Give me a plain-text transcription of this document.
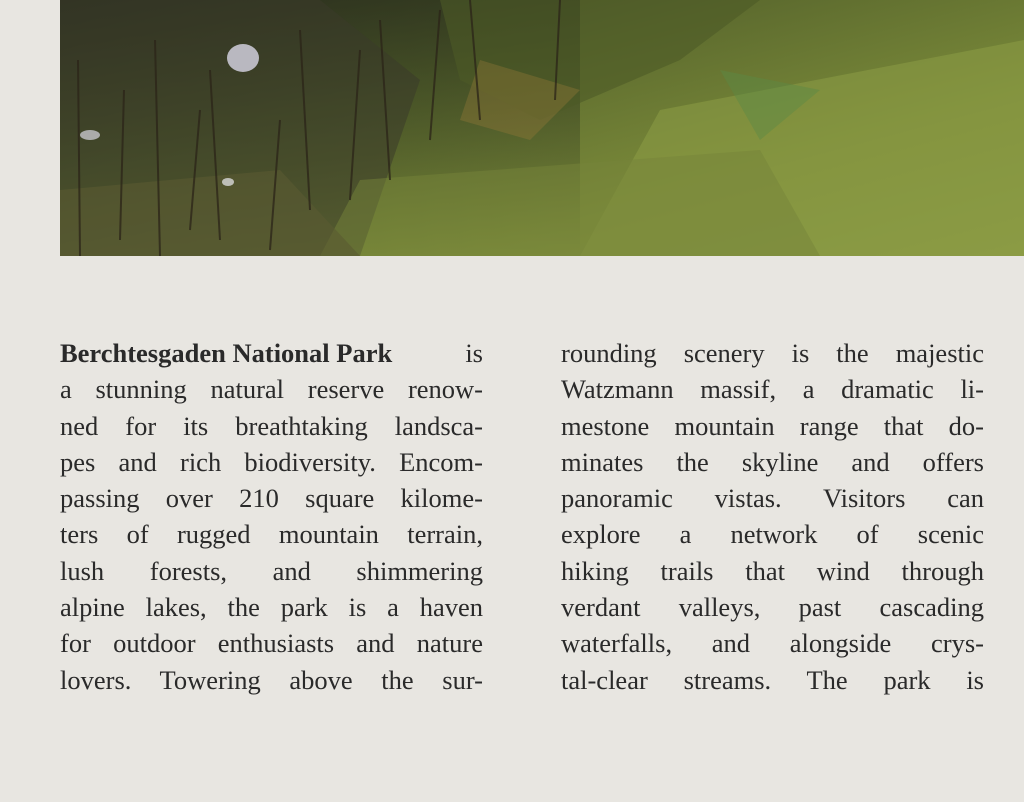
Berchtesgaden National Park	is
a stunning natural reserve renow-
ned for its breathtaking landsca-
pes and rich biodiversity. Encom-
passing over 210 square kilome-
ters of rugged mountain terrain,
lush forests, and shimmering
alpine lakes, the park is a haven
for outdoor enthusiasts and nature
lovers. Towering above the sur-
rounding scenery is the majestic
Watzmann massif, a dramatic li-
mestone mountain range that do-
minates the skyline and offers
panoramic vistas. Visitors can
explore a network of scenic
hiking trails that wind through
verdant valleys, past cascading
waterfalls, and alongside crys-
tal-clear streams. The park is
